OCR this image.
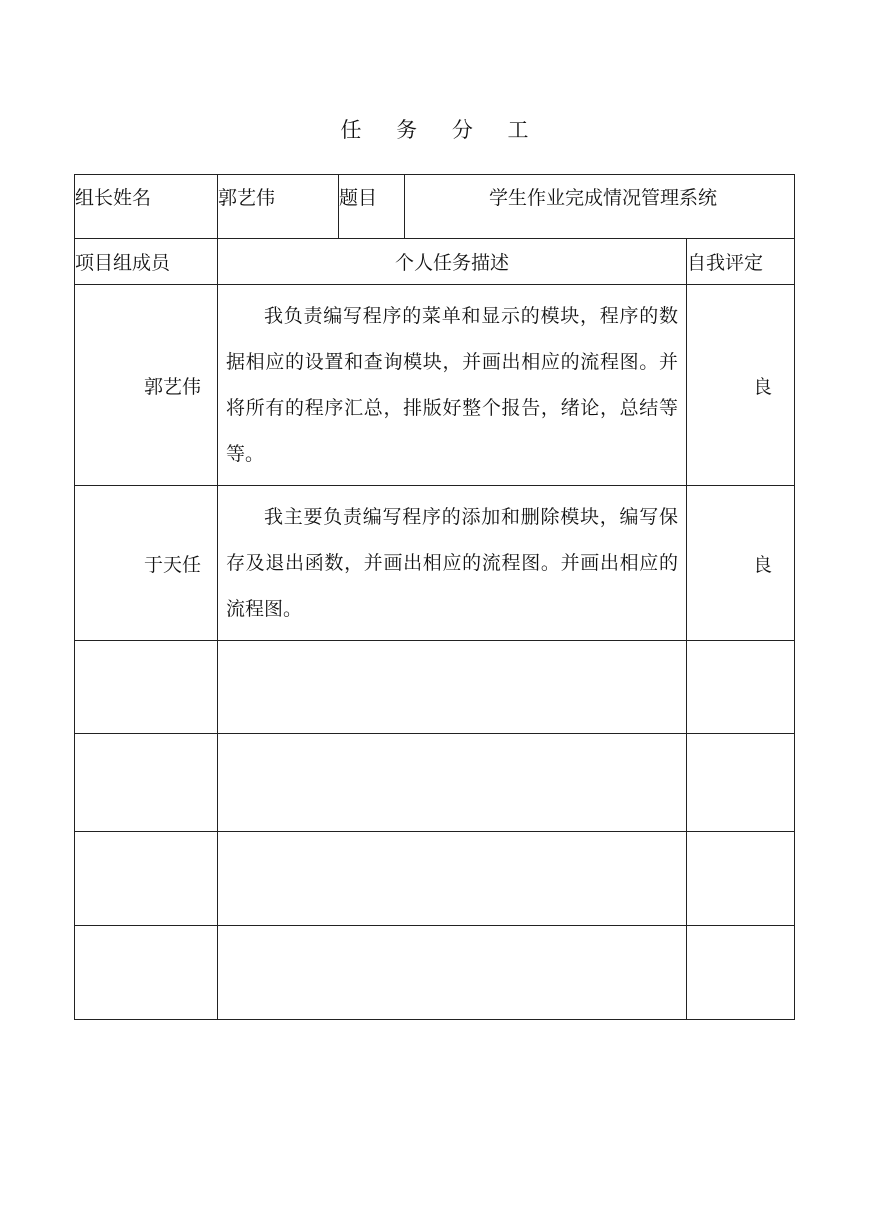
任 务 分 工
组长姓名	郭艺伟	题目	学生作业完成情况管理系统	

项目组成员	个人任务描述			自我评定

郭艺伟	我负责编写程序的菜单和显示的模块，程序的数据相应的设置和查询模块，并画出相应的流程图。并将所有的程序汇总，排版好整个报告，绪论，总结等等。			良

于天任	我主要负责编写程序的添加和删除模块，编写保存及退出函数，并画出相应的流程图。并画出相应的流程图。			良
